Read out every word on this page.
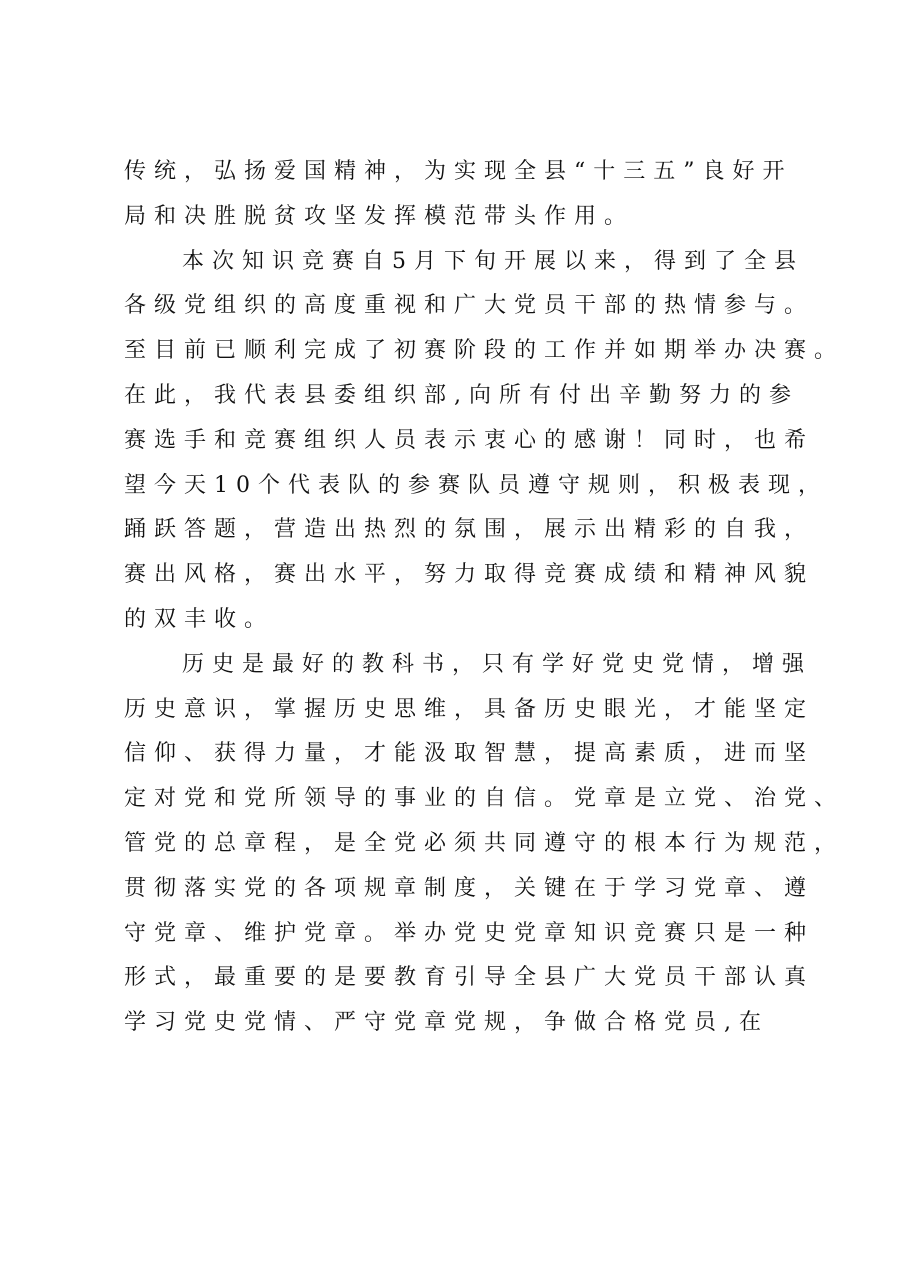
传统，弘扬爱国精神，为实现全县“十三五”良好开
局和决胜脱贫攻坚发挥模范带头作用。
本次知识竞赛自5月下旬开展以来，得到了全县
各级党组织的高度重视和广大党员干部的热情参与。
至目前已顺利完成了初赛阶段的工作并如期举办决赛。
在此，我代表县委组织部,向所有付出辛勤努力的参
赛选手和竞赛组织人员表示衷心的感谢！同时，也希
望今天10个代表队的参赛队员遵守规则，积极表现，
踊跃答题，营造出热烈的氛围，展示出精彩的自我，
赛出风格，赛出水平，努力取得竞赛成绩和精神风貌
的双丰收。
历史是最好的教科书，只有学好党史党情，增强
历史意识，掌握历史思维，具备历史眼光，才能坚定
信仰、获得力量，才能汲取智慧，提高素质，进而坚
定对党和党所领导的事业的自信。党章是立党、治党、
管党的总章程，是全党必须共同遵守的根本行为规范，
贯彻落实党的各项规章制度，关键在于学习党章、遵
守党章、维护党章。举办党史党章知识竞赛只是一种
形式，最重要的是要教育引导全县广大党员干部认真
学习党史党情、严守党章党规，争做合格党员,在
